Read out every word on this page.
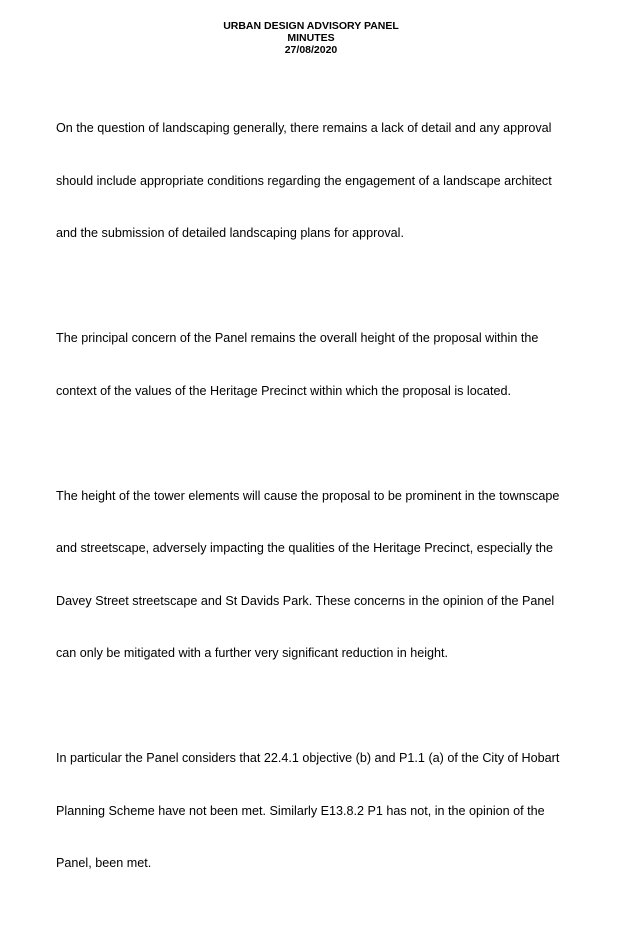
URBAN DESIGN ADVISORY PANEL
MINUTES
27/08/2020

On the question of landscaping generally, there remains a lack of detail and any approval

should include appropriate conditions regarding the engagement of a landscape architect

and the submission of detailed landscaping plans for approval.

The principal concern of the Panel remains the overall height of the proposal within the

context of the values of the Heritage Precinct within which the proposal is located.

The height of the tower elements will cause the proposal to be prominent in the townscape

and streetscape, adversely impacting the qualities of the Heritage Precinct, especially the

Davey Street streetscape and St Davids Park. These concerns in the opinion of the Panel

can only be mitigated with a further very significant reduction in height.

In particular the Panel considers that 22.4.1 objective (b) and P1.1 (a) of the City of Hobart

Planning Scheme have not been met. Similarly E13.8.2 P1 has not, in the opinion of the

Panel, been met.
